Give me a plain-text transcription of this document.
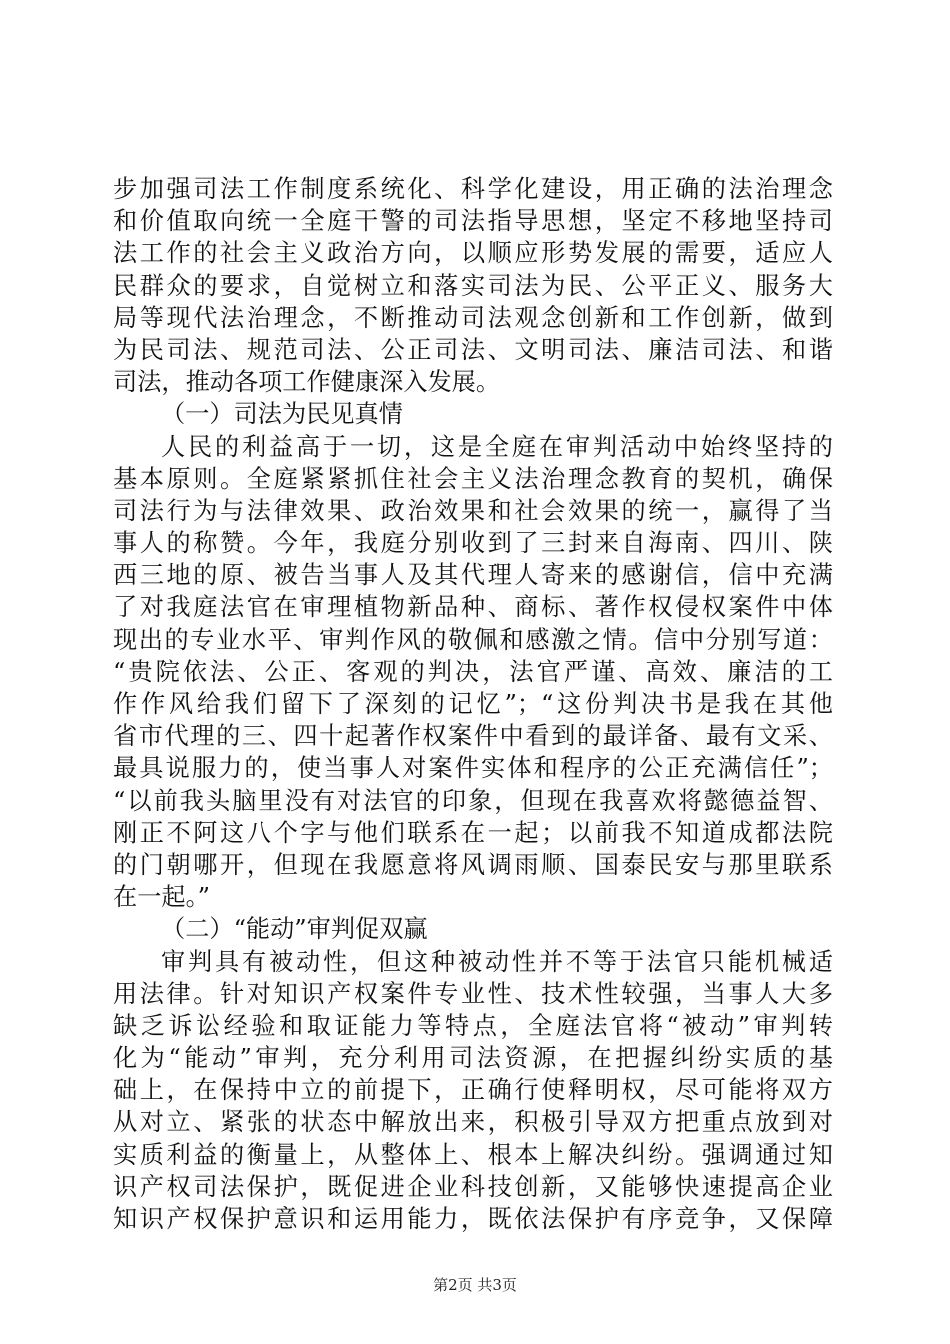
步加强司法工作制度系统化、科学化建设，用正确的法治理念
和价值取向统一全庭干警的司法指导思想，坚定不移地坚持司
法工作的社会主义政治方向，以顺应形势发展的需要，适应人
民群众的要求，自觉树立和落实司法为民、公平正义、服务大
局等现代法治理念，不断推动司法观念创新和工作创新，做到
为民司法、规范司法、公正司法、文明司法、廉洁司法、和谐
司法，推动各项工作健康深入发展。
（一）司法为民见真情
人民的利益高于一切，这是全庭在审判活动中始终坚持的
基本原则。全庭紧紧抓住社会主义法治理念教育的契机，确保
司法行为与法律效果、政治效果和社会效果的统一，赢得了当
事人的称赞。今年，我庭分别收到了三封来自海南、四川、陕
西三地的原、被告当事人及其代理人寄来的感谢信，信中充满
了对我庭法官在审理植物新品种、商标、著作权侵权案件中体
现出的专业水平、审判作风的敬佩和感激之情。信中分别写道：
“贵院依法、公正、客观的判决，法官严谨、高效、廉洁的工
作作风给我们留下了深刻的记忆”；“这份判决书是我在其他
省市代理的三、四十起著作权案件中看到的最详备、最有文采、
最具说服力的，使当事人对案件实体和程序的公正充满信任”；
“以前我头脑里没有对法官的印象，但现在我喜欢将懿德益智、
刚正不阿这八个字与他们联系在一起；以前我不知道成都法院
的门朝哪开，但现在我愿意将风调雨顺、国泰民安与那里联系
在一起。”
（二）“能动”审判促双赢
审判具有被动性，但这种被动性并不等于法官只能机械适
用法律。针对知识产权案件专业性、技术性较强，当事人大多
缺乏诉讼经验和取证能力等特点，全庭法官将“被动”审判转
化为“能动”审判，充分利用司法资源，在把握纠纷实质的基
础上，在保持中立的前提下，正确行使释明权，尽可能将双方
从对立、紧张的状态中解放出来，积极引导双方把重点放到对
实质利益的衡量上，从整体上、根本上解决纠纷。强调通过知
识产权司法保护，既促进企业科技创新，又能够快速提高企业
知识产权保护意识和运用能力，既依法保护有序竞争，又保障
第2页 共3页
